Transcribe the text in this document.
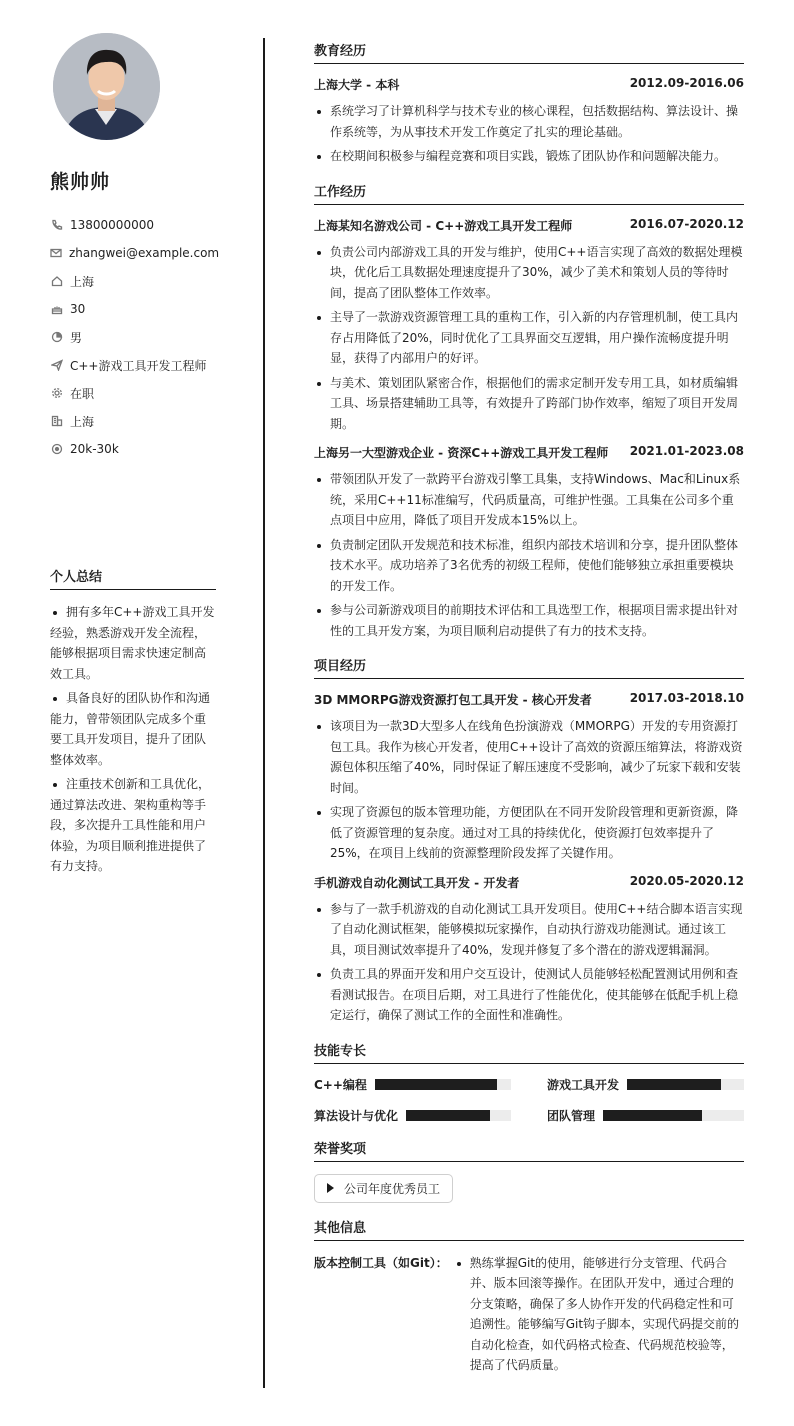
熊帅帅
13800000000
zhangwei@example.com
上海
30
男
C++游戏工具开发工程师
在职
上海
20k-30k
个人总结
拥有多年C++游戏工具开发经验，熟悉游戏开发全流程，能够根据项目需求快速定制高效工具。
具备良好的团队协作和沟通能力，曾带领团队完成多个重要工具开发项目，提升了团队整体效率。
注重技术创新和工具优化，通过算法改进、架构重构等手段，多次提升工具性能和用户体验，为项目顺利推进提供了有力支持。
教育经历
上海大学 - 本科	2012.09-2016.06
系统学习了计算机科学与技术专业的核心课程，包括数据结构、算法设计、操作系统等，为从事技术开发工作奠定了扎实的理论基础。
在校期间积极参与编程竞赛和项目实践，锻炼了团队协作和问题解决能力。
工作经历
上海某知名游戏公司 - C++游戏工具开发工程师	2016.07-2020.12
负责公司内部游戏工具的开发与维护，使用C++语言实现了高效的数据处理模块，优化后工具数据处理速度提升了30%，减少了美术和策划人员的等待时间，提高了团队整体工作效率。
主导了一款游戏资源管理工具的重构工作，引入新的内存管理机制，使工具内存占用降低了20%，同时优化了工具界面交互逻辑，用户操作流畅度提升明显，获得了内部用户的好评。
与美术、策划团队紧密合作，根据他们的需求定制开发专用工具，如材质编辑工具、场景搭建辅助工具等，有效提升了跨部门协作效率，缩短了项目开发周期。
上海另一大型游戏企业 - 资深C++游戏工具开发工程师 2021.01-2023.08
带领团队开发了一款跨平台游戏引擎工具集，支持Windows、Mac和Linux系统，采用C++11标准编写，代码质量高，可维护性强。工具集在公司多个重点项目中应用，降低了项目开发成本15%以上。
负责制定团队开发规范和技术标准，组织内部技术培训和分享，提升团队整体技术水平。成功培养了3名优秀的初级工程师，使他们能够独立承担重要模块的开发工作。
参与公司新游戏项目的前期技术评估和工具选型工作，根据项目需求提出针对性的工具开发方案，为项目顺利启动提供了有力的技术支持。
项目经历
3D MMORPG游戏资源打包工具开发 - 核心开发者	2017.03-2018.10
该项目为一款3D大型多人在线角色扮演游戏（MMORPG）开发的专用资源打包工具。我作为核心开发者，使用C++设计了高效的资源压缩算法，将游戏资源包体积压缩了40%，同时保证了解压速度不受影响，减少了玩家下载和安装时间。
实现了资源包的版本管理功能，方便团队在不同开发阶段管理和更新资源，降低了资源管理的复杂度。通过对工具的持续优化，使资源打包效率提升了25%，在项目上线前的资源整理阶段发挥了关键作用。
手机游戏自动化测试工具开发 - 开发者	2020.05-2020.12
参与了一款手机游戏的自动化测试工具开发项目。使用C++结合脚本语言实现了自动化测试框架，能够模拟玩家操作，自动执行游戏功能测试。通过该工具，项目测试效率提升了40%，发现并修复了多个潜在的游戏逻辑漏洞。
负责工具的界面开发和用户交互设计，使测试人员能够轻松配置测试用例和查看测试报告。在项目后期，对工具进行了性能优化，使其能够在低配手机上稳定运行，确保了测试工作的全面性和准确性。
技能专长
C++编程	游戏工具开发
算法设计与优化	团队管理
荣誉奖项
公司年度优秀员工
其他信息
版本控制工具（如Git）：	熟练掌握Git的使用，能够进行分支管理、代码合并、版本回滚等操作。在团队开发中，通过合理的分支策略，确保了多人协作开发的代码稳定性和可追溯性。能够编写Git钩子脚本，实现代码提交前的自动化检查，如代码格式检查、代码规范校验等，提高了代码质量。
